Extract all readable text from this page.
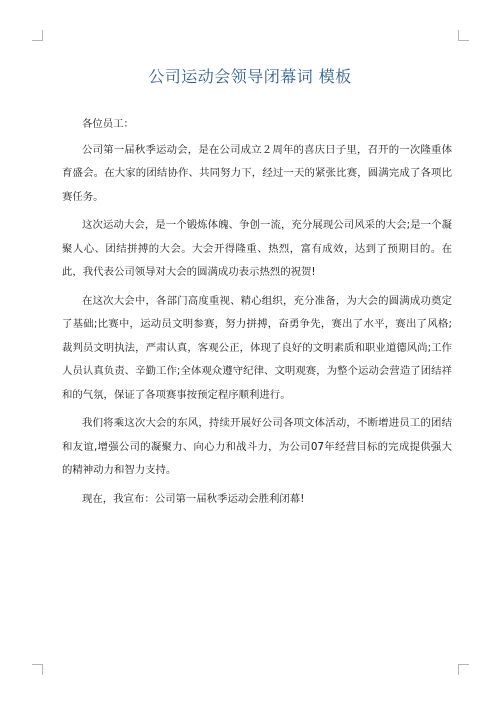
公司运动会领导闭幕词 模板

各位员工：

公司第一届秋季运动会，是在公司成立２周年的喜庆日子里，召开的一次隆重体育盛会。在大家的团结协作、共同努力下，经过一天的紧张比赛，圆满完成了各项比赛任务。

这次运动大会，是一个锻炼体魄、争创一流，充分展现公司风采的大会;是一个凝聚人心、团结拼搏的大会。大会开得隆重、热烈，富有成效，达到了预期目的。在此，我代表公司领导对大会的圆满成功表示热烈的祝贺!

在这次大会中，各部门高度重视、精心组织，充分准备，为大会的圆满成功奠定了基础;比赛中，运动员文明参赛，努力拼搏，奋勇争先，赛出了水平，赛出了风格;裁判员文明执法，严肃认真，客观公正，体现了良好的文明素质和职业道德风尚;工作人员认真负责、辛勤工作;全体观众遵守纪律、文明观赛，为整个运动会营造了团结祥和的气氛，保证了各项赛事按预定程序顺利进行。

我们将乘这次大会的东风，持续开展好公司各项文体活动，不断增进员工的团结和友谊,增强公司的凝聚力、向心力和战斗力，为公司07年经营目标的完成提供强大的精神动力和智力支持。

现在，我宣布：公司第一届秋季运动会胜利闭幕!
